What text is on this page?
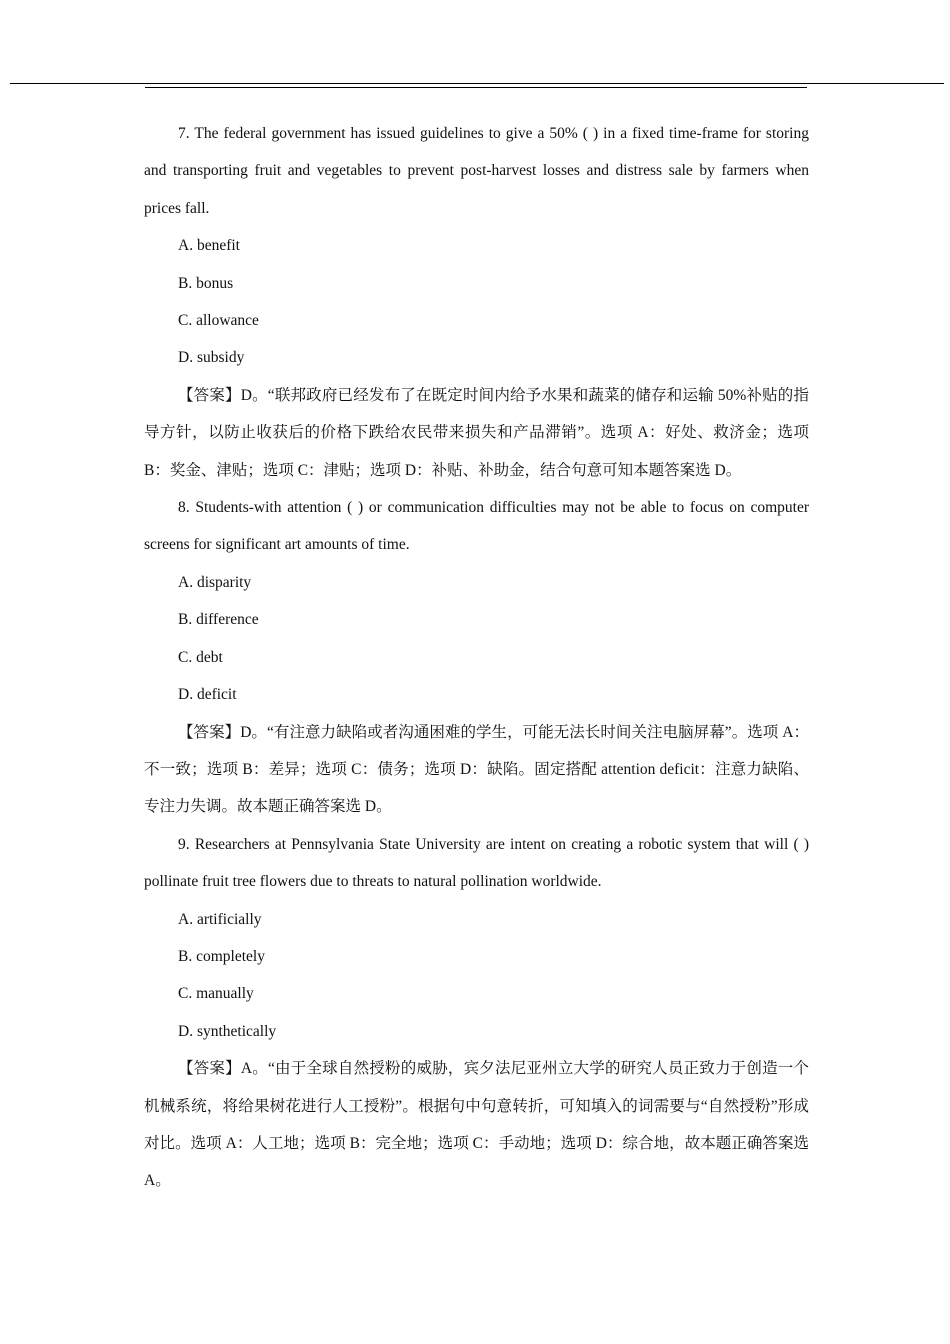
7. The federal government has issued guidelines to give a 50% ( ) in a fixed time-frame for storing and transporting fruit and vegetables to prevent post-harvest losses and distress sale by farmers when prices fall.

A. benefit

B. bonus

C. allowance

D. subsidy

【答案】D。“联邦政府已经发布了在既定时间内给予水果和蔬菜的储存和运输 50%补贴的指导方针，以防止收获后的价格下跌给农民带来损失和产品滞销”。选项 A：好处、救济金；选项 B：奖金、津贴；选项 C：津贴；选项 D：补贴、补助金，结合句意可知本题答案选 D。

8. Students-with attention ( ) or communication difficulties may not be able to focus on computer screens for significant art amounts of time.

A. disparity

B. difference

C. debt

D. deficit

【答案】D。“有注意力缺陷或者沟通困难的学生，可能无法长时间关注电脑屏幕”。选项 A：不一致；选项 B：差异；选项 C：债务；选项 D：缺陷。固定搭配 attention deficit：注意力缺陷、专注力失调。故本题正确答案选 D。

9. Researchers at Pennsylvania State University are intent on creating a robotic system that will ( ) pollinate fruit tree flowers due to threats to natural pollination worldwide.

A. artificially

B. completely

C. manually

D. synthetically

【答案】A。“由于全球自然授粉的威胁，宾夕法尼亚州立大学的研究人员正致力于创造一个机械系统，将给果树花进行人工授粉”。根据句中句意转折，可知填入的词需要与“自然授粉”形成对比。选项 A：人工地；选项 B：完全地；选项 C：手动地；选项 D：综合地，故本题正确答案选 A。
